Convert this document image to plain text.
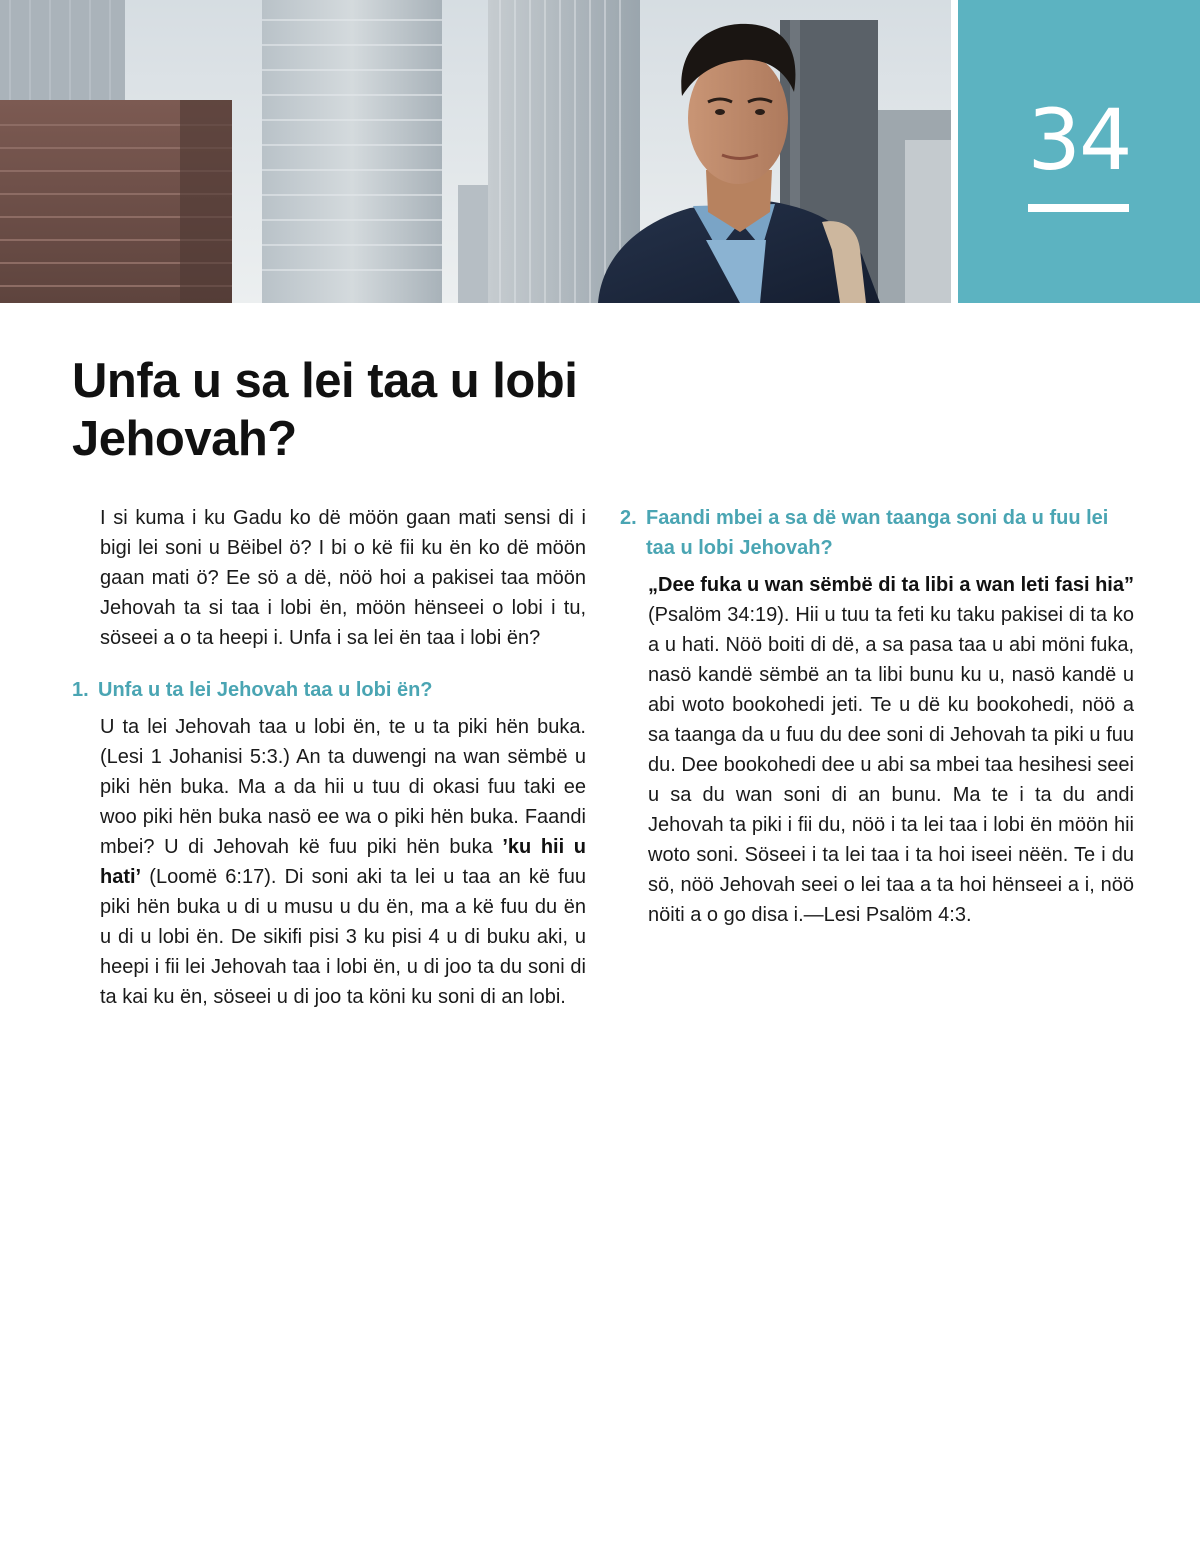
34
Unfa u sa lei taa u lobi Jehovah?

I si kuma i ku Gadu ko dë möön gaan mati sensi di i bigi lei soni u Bëibel ö? I bi o kë fii ku ën ko dë möön gaan mati ö? Ee sö a dë, nöö hoi a pakisei taa möön Jehovah ta si taa i lobi ën, möön hënseei o lobi i tu, söseei a o ta heepi i. Unfa i sa lei ën taa i lobi ën?

1. Unfa u ta lei Jehovah taa u lobi ën?

U ta lei Jehovah taa u lobi ën, te u ta piki hën buka. (Lesi 1 Johanisi 5:3.) An ta duwengi na wan sëmbë u piki hën buka. Ma a da hii u tuu di okasi fuu taki ee woo piki hën buka nasö ee wa o piki hën buka. Faandi mbei? U di Jehovah kë fuu piki hën buka ’ku hii u hati’ (Loomë 6:17). Di soni aki ta lei u taa an kë fuu piki hën buka u di u musu u du ën, ma a kë fuu du ën u di u lobi ën. De sikifi pisi 3 ku pisi 4 u di buku aki, u heepi i fii lei Jehovah taa i lobi ën, u di joo ta du soni di ta kai ku ën, söseei u di joo ta köni ku soni di an lobi.

2. Faandi mbei a sa dë wan taanga soni da u fuu lei taa u lobi Jehovah?

„Dee fuka u wan sëmbë di ta libi a wan leti fasi hia” (Psalöm 34:19). Hii u tuu ta feti ku taku pakisei di ta ko a u hati. Nöö boiti di dë, a sa pasa taa u abi möni fuka, nasö kandë sëmbë an ta libi bunu ku u, nasö kandë u abi woto bookohedi jeti. Te u dë ku bookohedi, nöö a sa taanga da u fuu du dee soni di Jehovah ta piki u fuu du. Dee bookohedi dee u abi sa mbei taa hesihesi seei u sa du wan soni di an bunu. Ma te i ta du andi Jehovah ta piki i fii du, nöö i ta lei taa i lobi ën möön hii woto soni. Söseei i ta lei taa i ta hoi iseei nëën. Te i du sö, nöö Jehovah seei o lei taa a ta hoi hënseei a i, nöö nöiti a o go disa i.—Lesi Psalöm 4:3.
